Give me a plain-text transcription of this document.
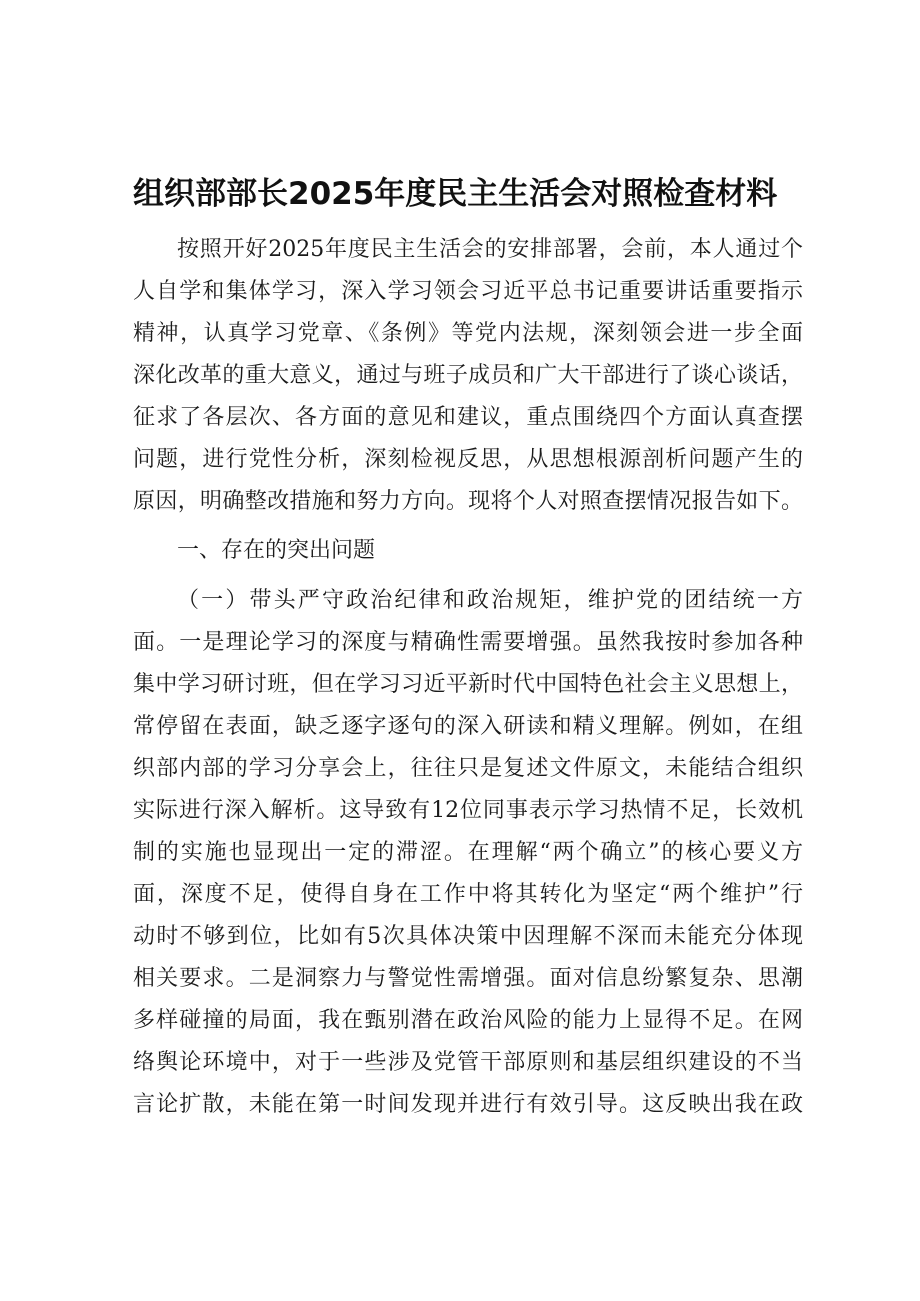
组织部部长2025年度民主生活会对照检查材料
按照开好2025年度民主生活会的安排部署，会前，本人通过个
人自学和集体学习，深入学习领会习近平总书记重要讲话重要指示
精神，认真学习党章、《条例》等党内法规，深刻领会进一步全面
深化改革的重大意义，通过与班子成员和广大干部进行了谈心谈话，
征求了各层次、各方面的意见和建议，重点围绕四个方面认真查摆
问题，进行党性分析，深刻检视反思，从思想根源剖析问题产生的
原因，明确整改措施和努力方向。现将个人对照查摆情况报告如下。
一、存在的突出问题
（一）带头严守政治纪律和政治规矩，维护党的团结统一方
面。一是理论学习的深度与精确性需要增强。虽然我按时参加各种
集中学习研讨班，但在学习习近平新时代中国特色社会主义思想上，
常停留在表面，缺乏逐字逐句的深入研读和精义理解。例如，在组
织部内部的学习分享会上，往往只是复述文件原文，未能结合组织
实际进行深入解析。这导致有12位同事表示学习热情不足，长效机
制的实施也显现出一定的滞涩。在理解“两个确立”的核心要义方
面，深度不足，使得自身在工作中将其转化为坚定“两个维护”行
动时不够到位，比如有5次具体决策中因理解不深而未能充分体现
相关要求。二是洞察力与警觉性需增强。面对信息纷繁复杂、思潮
多样碰撞的局面，我在甄别潜在政治风险的能力上显得不足。在网
络舆论环境中，对于一些涉及党管干部原则和基层组织建设的不当
言论扩散，未能在第一时间发现并进行有效引导。这反映出我在政
